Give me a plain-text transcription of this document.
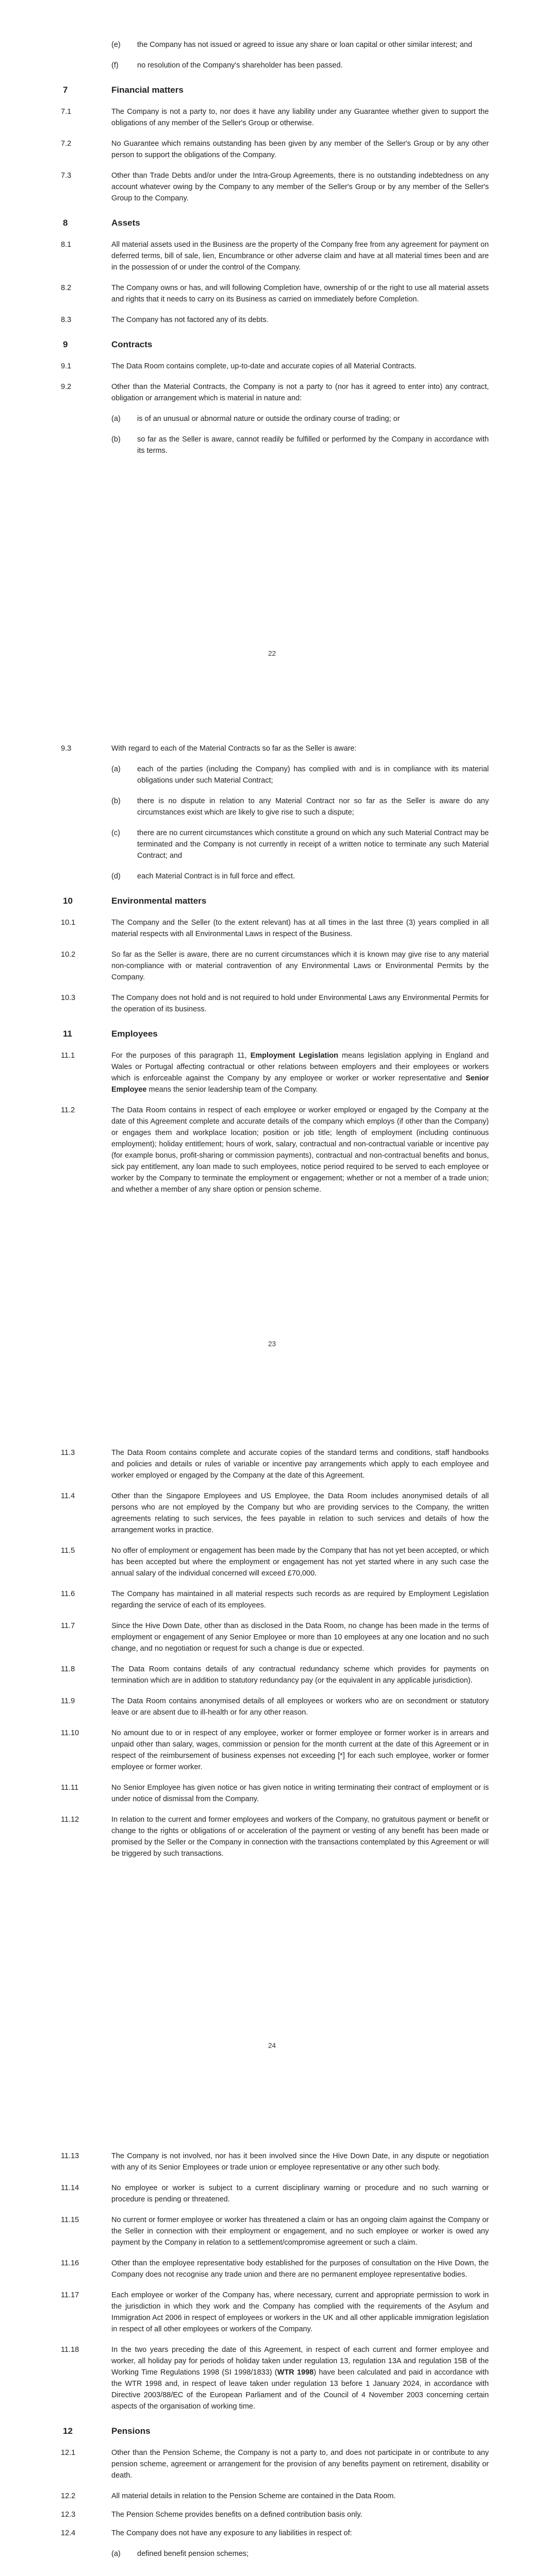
(e) the Company has not issued or agreed to issue any share or loan capital or other similar interest; and
(f)	no resolution of the Company's shareholder has been passed.
7	Financial matters
7.1	The Company is not a party to, nor does it have any liability under any Guarantee whether given to support the obligations of any member of the Seller's Group or otherwise.
7.2	No Guarantee which remains outstanding has been given by any member of the Seller's Group or by any other person to support the obligations of the Company.
7.3	Other than Trade Debts and/or under the Intra-Group Agreements, there is no outstanding indebtedness on any account whatever owing by the Company to any member of the Seller's Group or by any member of the Seller's Group to the Company.
8	Assets
8.1	All material assets used in the Business are the property of the Company free from any agreement for payment on deferred terms, bill of sale, lien, Encumbrance or other adverse claim and have at all material times been and are in the possession of or under the control of the Company.
8.2	The Company owns or has, and will following Completion have, ownership of or the right to use all material assets and rights that it needs to carry on its Business as carried on immediately before Completion.
8.3	The Company has not factored any of its debts.
9	Contracts
9.1	The Data Room contains complete, up-to-date and accurate copies of all Material Contracts.
9.2	Other than the Material Contracts, the Company is not a party to (nor has it agreed to enter into) any contract, obligation or arrangement which is material in nature and:
(a) is of an unusual or abnormal nature or outside the ordinary course of trading; or
(b) so far as the Seller is aware, cannot readily be fulfilled or performed by the Company in accordance with its terms.
22
9.3	With regard to each of the Material Contracts so far as the Seller is aware:
(a) each of the parties (including the Company) has complied with and is in compliance with its material obligations under such Material Contract;
(b) there is no dispute in relation to any Material Contract nor so far as the Seller is aware do any circumstances exist which are likely to give rise to such a dispute;
(c) there are no current circumstances which constitute a ground on which any such Material Contract may be terminated and the Company is not currently in receipt of a written notice to terminate any such Material Contract; and
(d) each Material Contract is in full force and effect.
10	Environmental matters
10.1	The Company and the Seller (to the extent relevant) has at all times in the last three (3) years complied in all material respects with all Environmental Laws in respect of the Business.
10.2	So far as the Seller is aware, there are no current circumstances which it is known may give rise to any material non-compliance with or material contravention of any Environmental Laws or Environmental Permits by the Company.
10.3	The Company does not hold and is not required to hold under Environmental Laws any Environmental Permits for the operation of its business.
11	Employees
11.1	For the purposes of this paragraph 11, Employment Legislation means legislation applying in England and Wales or Portugal affecting contractual or other relations between employers and their employees or workers which is enforceable against the Company by any employee or worker or worker representative and Senior Employee means the senior leadership team of the Company.
11.2	The Data Room contains in respect of each employee or worker employed or engaged by the Company at the date of this Agreement complete and accurate details of the company which employs (if other than the Company) or engages them and workplace location; position or job title; length of employment (including continuous employment); holiday entitlement; hours of work, salary, contractual and non-contractual variable or incentive pay (for example bonus, profit-sharing or commission payments), contractual and non-contractual benefits and bonus, sick pay entitlement, any loan made to such employees, notice period required to be served to each employee or worker by the Company to terminate the employment or engagement; whether or not a member of a trade union; and whether a member of any share option or pension scheme.
23
11.3	The Data Room contains complete and accurate copies of the standard terms and conditions, staff handbooks and policies and details or rules of variable or incentive pay arrangements which apply to each employee and worker employed or engaged by the Company at the date of this Agreement.
11.4	Other than the Singapore Employees and US Employee, the Data Room includes anonymised details of all persons who are not employed by the Company but who are providing services to the Company, the written agreements relating to such services, the fees payable in relation to such services and details of how the arrangement works in practice.
11.5	No offer of employment or engagement has been made by the Company that has not yet been accepted, or which has been accepted but where the employment or engagement has not yet started where in any such case the annual salary of the individual concerned will exceed £70,000.
11.6	The Company has maintained in all material respects such records as are required by Employment Legislation regarding the service of each of its employees.
11.7	Since the Hive Down Date, other than as disclosed in the Data Room, no change has been made in the terms of employment or engagement of any Senior Employee or more than 10 employees at any one location and no such change, and no negotiation or request for such a change is due or expected.
11.8	The Data Room contains details of any contractual redundancy scheme which provides for payments on termination which are in addition to statutory redundancy pay (or the equivalent in any applicable jurisdiction).
11.9	The Data Room contains anonymised details of all employees or workers who are on secondment or statutory leave or are absent due to ill-health or for any other reason.
11.10	No amount due to or in respect of any employee, worker or former employee or former worker is in arrears and unpaid other than salary, wages, commission or pension for the month current at the date of this Agreement or in respect of the reimbursement of business expenses not exceeding [*] for each such employee, worker or former employee or former worker.
11.11	No Senior Employee has given notice or has given notice in writing terminating their contract of employment or is under notice of dismissal from the Company.
11.12	In relation to the current and former employees and workers of the Company, no gratuitous payment or benefit or change to the rights or obligations of or acceleration of the payment or vesting of any benefit has been made or promised by the Seller or the Company in connection with the transactions contemplated by this Agreement or will be triggered by such transactions.
24
11.13	The Company is not involved, nor has it been involved since the Hive Down Date, in any dispute or negotiation with any of its Senior Employees or trade union or employee representative or any other such body.
11.14	No employee or worker is subject to a current disciplinary warning or procedure and no such warning or procedure is pending or threatened.
11.15	No current or former employee or worker has threatened a claim or has an ongoing claim against the Company or the Seller in connection with their employment or engagement, and no such employee or worker is owed any payment by the Company in relation to a settlement/compromise agreement or such a claim.
11.16	Other than the employee representative body established for the purposes of consultation on the Hive Down, the Company does not recognise any trade union and there are no permanent employee representative bodies.
11.17	Each employee or worker of the Company has, where necessary, current and appropriate permission to work in the jurisdiction in which they work and the Company has complied with the requirements of the Asylum and Immigration Act 2006 in respect of employees or workers in the UK and all other applicable immigration legislation in respect of all other employees or workers of the Company.
11.18	In the two years preceding the date of this Agreement, in respect of each current and former employee and worker, all holiday pay for periods of holiday taken under regulation 13, regulation 13A and regulation 15B of the Working Time Regulations 1998 (SI 1998/1833) (WTR 1998) have been calculated and paid in accordance with the WTR 1998 and, in respect of leave taken under regulation 13 before 1 January 2024, in accordance with Directive 2003/88/EC of the European Parliament and of the Council of 4 November 2003 concerning certain aspects of the organisation of working time.
12	Pensions
12.1	Other than the Pension Scheme, the Company is not a party to, and does not participate in or contribute to any pension scheme, agreement or arrangement for the provision of any benefits payment on retirement, disability or death.
12.2	All material details in relation to the Pension Scheme are contained in the Data Room.
12.3	The Pension Scheme provides benefits on a defined contribution basis only.
12.4	The Company does not have any exposure to any liabilities in respect of:
(a) defined benefit pension schemes;
